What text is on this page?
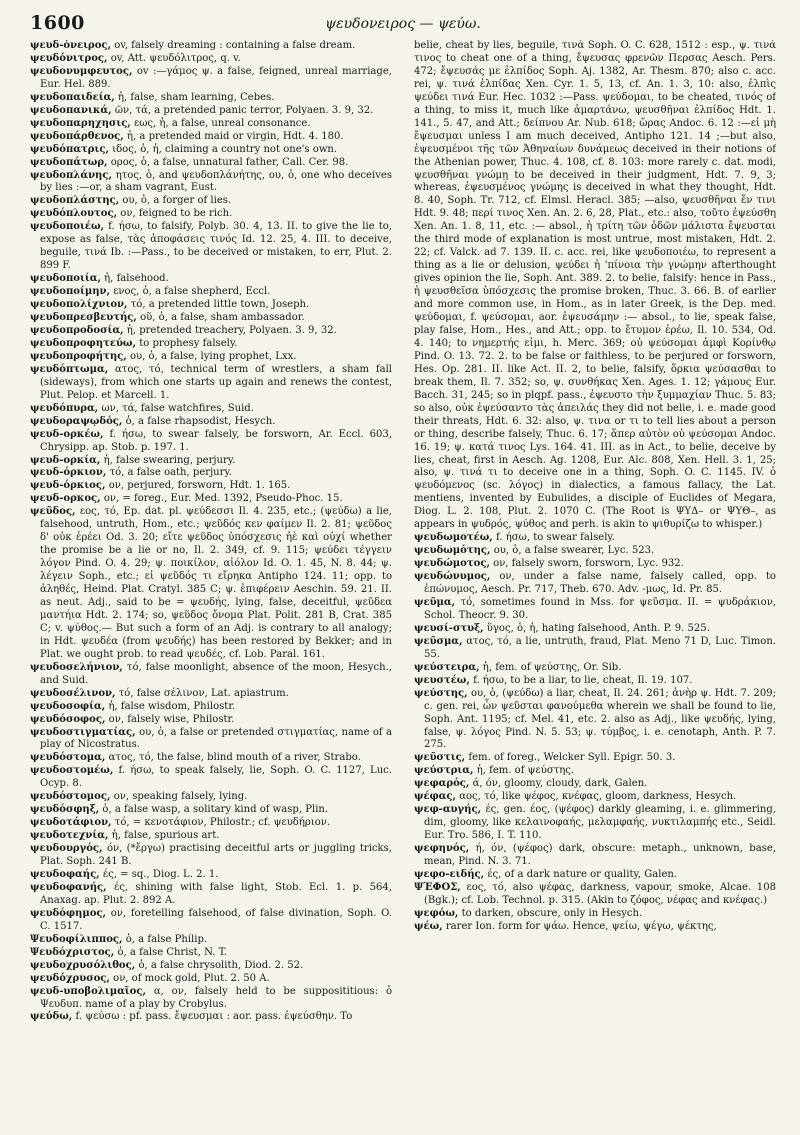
1600	ψευδονειρος — ψεύω.

ψευδ-όνειρος, ov, falsely dreaming : containing a false dream.

ψευδόνιτρος, ov, Att. ψευδόλιτρος, q. v.

ψευδονυμφευτος, ov :—γάμος ψ. a false, feigned, unreal marriage, Eur. Hel. 889.

ψευδοπαιδεία, ἡ, false, sham learning, Cebes.

ψευδοπανικά, ῶν, τά, a pretended panic terror, Polyaen. 3. 9, 32.

ψευδοπαρηχησις, εως, ἡ, a false, unreal consonance.

ψευδοπάρθενος, ἡ, a pretended maid or virgin, Hdt. 4. 180.

ψευδόπατρις, ιδος, ὁ, ἡ, claiming a country not one's own.

ψευδοπάτωρ, ορος, ὁ, a false, unnatural father, Call. Cer. 98.

ψευδοπλάνης, ητος, ὁ, and ψευδοπλάνήτης, ου, ὁ, one who deceives by lies :—or, a sham vagrant, Eust.

ψευδοπλάστης, ου, ὁ, a forger of lies.

ψευδόπλουτος, ον, feigned to be rich.

ψευδοποιέω, f. ήσω, to falsify, Polyb. 30. 4, 13. II. to give the lie to, expose as false, τὰς ἀποφάσεις τινός Id. 12. 25, 4. III. to deceive, beguile, τινά Ib. :—Pass., to be deceived or mistaken, to err, Plut. 2. 899 F.

ψευδοποιία, ἡ, falsehood.

ψευδοποίμην, ενος, ὁ, a false shepherd, Eccl.

ψευδοπολίχνιον, τό, a pretended little town, Joseph.

ψευδοπρεσβευτής, οῦ, ὁ, a false, sham ambassador.

ψευδοπροδοσία, ἡ, pretended treachery, Polyaen. 3. 9, 32.

ψευδοπροφητεύω, to prophesy falsely.

ψευδοπροφήτης, ου, ὁ, a false, lying prophet, Lxx.

ψευδόπτωμα, ατος, τό, technical term of wrestlers, a sham fall (sideways), from which one starts up again and renews the contest, Plut. Pelop. et Marcell. 1.

ψευδόπυρα, ων, τά, false watchfires, Suid.

ψευδοραψῳδός, ὁ, a false rhapsodist, Hesych.

ψευδ-ορκέω, f. ήσω, to swear falsely, be forsworn, Ar. Eccl. 603, Chrysipp. ap. Stob. p. 197. 1.

ψευδ-ορκία, ἡ, false swearing, perjury.

ψευδ-όρκιον, τό, a false oath, perjury.

ψευδ-όρκιος, ον, perjured, forsworn, Hdt. 1. 165.

ψευδ-ορκος, ον, = foreg., Eur. Med. 1392, Pseudo-Phoc. 15.

ψεῦδος, εος, τό, Ep. dat. pl. ψεύδεσσι Il. 4. 235, etc.; (ψεύδω) a lie, falsehood, untruth, Hom., etc.; ψεῦδός κεν φαίμεν Il. 2. 81; ψεῦδος δ' οὐκ ἐρέει Od. 3. 20; εἴτε ψεῦδος ὑπόσχεσις ἠὲ καὶ οὐχί whether the promise be a lie or no, Il. 2. 349, cf. 9. 115; ψεύδει τέγγειν λόγον Pind. O. 4. 29; ψ. ποικίλον, αἰόλον Id. O. 1. 45, N. 8. 44; ψ. λέγειν Soph., etc.; εἰ ψεῦδός τι εἴρηκα Antipho 124. 11; opp. to ἀληθές, Heind. Plat. Cratyl. 385 C; ψ. ἐπιφέρειν Aeschin. 59. 21. II. as neut. Adj., said to be = ψευδής, lying, false, deceitful, ψεῦδεα μαντήια Hdt. 2. 174; so, ψεῦδος ὄνομα Plat. Polit. 281 B, Crat. 385 C; v. ψύθος.— But such a form of an Adj. is contrary to all analogy; in Hdt. ψευδέα (from ψευδής) has been restored by Bekker; and in Plat. we ought prob. to read ψευδές, cf. Lob. Paral. 161.

ψευδοσελήνιον, τό, false moonlight, absence of the moon, Hesych., and Suid.

ψευδοσέλινον, τό, false σέλινον, Lat. apiastrum.

ψευδοσοφία, ἡ, false wisdom, Philostr.

ψευδόσοφος, ον, falsely wise, Philostr.

ψευδοστιγματίας, ου, ὁ, a false or pretended στιγματίας, name of a play of Nicostratus.

ψευδόστομα, ατος, τό, the false, blind mouth of a river, Strabo.

ψευδοστομέω, f. ήσω, to speak falsely, lie, Soph. O. C. 1127, Luc. Ocyp. 8.

ψευδόστομος, ον, speaking falsely, lying.

ψευδόσφηξ, ὁ, a false wasp, a solitary kind of wasp, Plin.

ψευδοτάφιον, τό, = κενοτάφιον, Philostr.; cf. ψευδήριον.

ψευδοτεχνία, ἡ, false, spurious art.

ψευδουργός, όν, (*ἔργω) practising deceitful arts or juggling tricks, Plat. Soph. 241 B.

ψευδοφαής, ές, = sq., Diog. L. 2. 1.

ψευδοφανής, ές, shining with false light, Stob. Ecl. 1. p. 564, Anaxag. ap. Plut. 2. 892 A.

ψευδόφημος, ον, foretelling falsehood, of false divination, Soph. O. C. 1517.

Ψευδοφίλιππος, ὁ, a false Philip.

Ψευδόχριστος, ὁ, a false Christ, N. T.

ψευδοχρυσόλιθος, ὁ, a false chrysolith, Diod. 2. 52.

ψευδόχρυσος, ον, of mock gold, Plut. 2. 50 A.

ψευδ-υποβολιμαῖος, α, ον, falsely held to be supposititious: ὁ Ψευδυπ. name of a play by Crobylus.

ψεύδω, f. ψεύσω : pf. pass. ἔψευσμαι : aor. pass. ἐψεύσθην. To

belie, cheat by lies, beguile, τινά Soph. O. C. 628, 1512 : esp., ψ. τινά τινος to cheat one of a thing, ἔψευσας φρενῶν Περσας Aesch. Pers. 472; ἔψευσάς με ἐλπίδος Soph. Aj. 1382, Ar. Thesm. 870; also c. acc. rei, ψ. τινά ἐλπίδας Xen. Cyr. 1. 5, 13, cf. An. 1. 3, 10: also, ἐλπὶς ψεύδει τινά Eur. Hec. 1032 :—Pass. ψεύδομαι, to be cheated, τινός of a thing, to miss it, much like ἁμαρτάνω, ψευσθῆναι ἐλπίδος Hdt. 1. 141., 5. 47, and Att.; δείπνου Ar. Nub. 618; ὥρας Andoc. 6. 12 :—εἰ μὴ ἔψευσμαι unless I am much deceived, Antipho 121. 14 ;—but also, ἐψευσμένοι τῆς τῶν Ἀθηναίων δυνάμεως deceived in their notions of the Athenian power, Thuc. 4. 108, cf. 8. 103: more rarely c. dat. modi, ψευσθῆναι γνώμῃ to be deceived in their judgment, Hdt. 7. 9, 3; whereas, ἐψευσμένος γνώμης is deceived in what they thought, Hdt. 8. 40, Soph. Tr. 712, cf. Elmsl. Heracl. 385; —also, ψευσθῆναι ἔν τινι Hdt. 9. 48; περί τινος Xen. An. 2. 6, 28, Plat., etc.: also, τοῦτο ἐψεύσθη Xen. An. 1. 8, 11, etc. :— absol., ἡ τρίτη τῶν ὁδῶν μάλιστα ἔψευσται the third mode of explanation is most untrue, most mistaken, Hdt. 2. 22; cf. Valck. ad 7. 139. II. c. acc. rei, like ψευδοποιέω, to represent a thing as a lie or delusion, ψεύδει ἡ 'πίνοια τὴν γνώμην afterthought gives opinion the lie, Soph. Ant. 389. 2. to belie, falsify: hence in Pass., ἡ ψευσθεῖσα ὑπόσχεσις the promise broken, Thuc. 3. 66. B. of earlier and more common use, in Hom., as in later Greek, is the Dep. med. ψεύδομαι, f. ψεύσομαι, aor. ἐψευσάμην :— absol., to lie, speak false, play false, Hom., Hes., and Att.; opp. to ἔτυμον ἐρέω, Il. 10. 534, Od. 4. 140; to νημερτής εἰμι, h. Merc. 369; οὐ ψεύσομαι ἀμφὶ Κορίνθῳ Pind. O. 13. 72. 2. to be false or faithless, to be perjured or forsworn, Hes. Op. 281. II. like Act. II. 2, to belie, falsify, ὅρκια ψεύσασθαι to break them, Il. 7. 352; so, ψ. συνθήκας Xen. Ages. 1. 12; γάμους Eur. Bacch. 31, 245; so in plqpf. pass., ἐψευστο τὴν ξυμμαχίαν Thuc. 5. 83; so also, οὐκ ἐψεύσαντο τὰς ἀπειλάς they did not belie, i. e. made good their threats, Hdt. 6. 32: also, ψ. τινα or τι to tell lies about a person or thing, describe falsely, Thuc. 6. 17; ἅπερ αὐτὸν οὐ ψεύσομαι Andoc. 16. 19; ψ. κατά τινος Lys. 164. 41. III. as in Act., to belie, deceive by lies, cheat, first in Aesch. Ag. 1208, Eur. Alc. 808, Xen. Hell. 3. 1, 25; also, ψ. τινά τι to deceive one in a thing, Soph. O. C. 1145. IV. ὁ ψευδόμενος (sc. λόγος) in dialectics, a famous fallacy, the Lat. mentiens, invented by Eubulides, a disciple of Euclides of Megara, Diog. L. 2. 108, Plut. 2. 1070 C. (The Root is ΨΥΔ– or ΨΥΘ–, as appears in ψυδρός, ψύθος and perh. is akin to ψιθυρίζω to whisper.)

ψευδωμοτέω, f. ήσω, to swear falsely.

ψευδωμότης, ου, ὁ, a false swearer, Lyc. 523.

ψευδώμοτος, ον, falsely sworn, forsworn, Lyc. 932.

ψευδώνυμος, ον, under a false name, falsely called, opp. to ἐπώνυμος, Aesch. Pr. 717, Theb. 670. Adv. -μως, Id. Pr. 85.

ψεῦμα, τό, sometimes found in Mss. for ψεῦσμα. II. = ψυδράκιον, Schol. Theocr. 9. 30.

ψευσί-στυξ, ὕγος, ὁ, ἡ, hating falsehood, Anth. P. 9. 525.

ψεῦσμα, ατος, τό, a lie, untruth, fraud, Plat. Meno 71 D, Luc. Timon. 55.

ψεύστειρα, ἡ, fem. of ψεύστης, Or. Sib.

ψευστέω, f. ήσω, to be a liar, to lie, cheat, Il. 19. 107.

ψεύστης, ου, ὁ, (ψεύδω) a liar, cheat, Il. 24. 261; ἀνὴρ ψ. Hdt. 7. 209; c. gen. rei, ὧν ψεῦσται φανούμεθα wherein we shall be found to lie, Soph. Ant. 1195; cf. Mel. 41, etc. 2. also as Adj., like ψευδής, lying, false, ψ. λόγος Pind. N. 5. 53; ψ. τύμβος, i. e. cenotaph, Anth. P. 7. 275.

ψεῦστις, fem. of foreg., Welcker Syll. Epigr. 50. 3.

ψεύστρια, ἡ, fem. of ψεύστης.

ψεφαρός, ά, όν, gloomy, cloudy, dark, Galen.

ψέφας, αος, τό, like ψέφος, κνέφας, gloom, darkness, Hesych.

ψεφ-αυγής, ές, gen. έος, (ψέφος) darkly gleaming, i. e. glimmering, dim, gloomy, like κελαινοφαής, μελαμφαής, νυκτιλαμπής etc., Seidl. Eur. Tro. 586, I. T. 110.

ψεφηνός, ή, όν, (ψέφος) dark, obscure: metaph., unknown, base, mean, Pind. N. 3. 71.

ψεφο-ειδής, ές, of a dark nature or quality, Galen.

ΨΈΦΟΣ, εος, τό, also ψέφας, darkness, vapour, smoke, Alcae. 108 (Bgk.); cf. Lob. Technol. p. 315. (Akin to ζόφος, νέφας and κνέφας.)

ψεφόω, to darken, obscure, only in Hesych.

ψέω, rarer Ion. form for ψάω. Hence, ψείω, ψέγω, ψέκτης,
